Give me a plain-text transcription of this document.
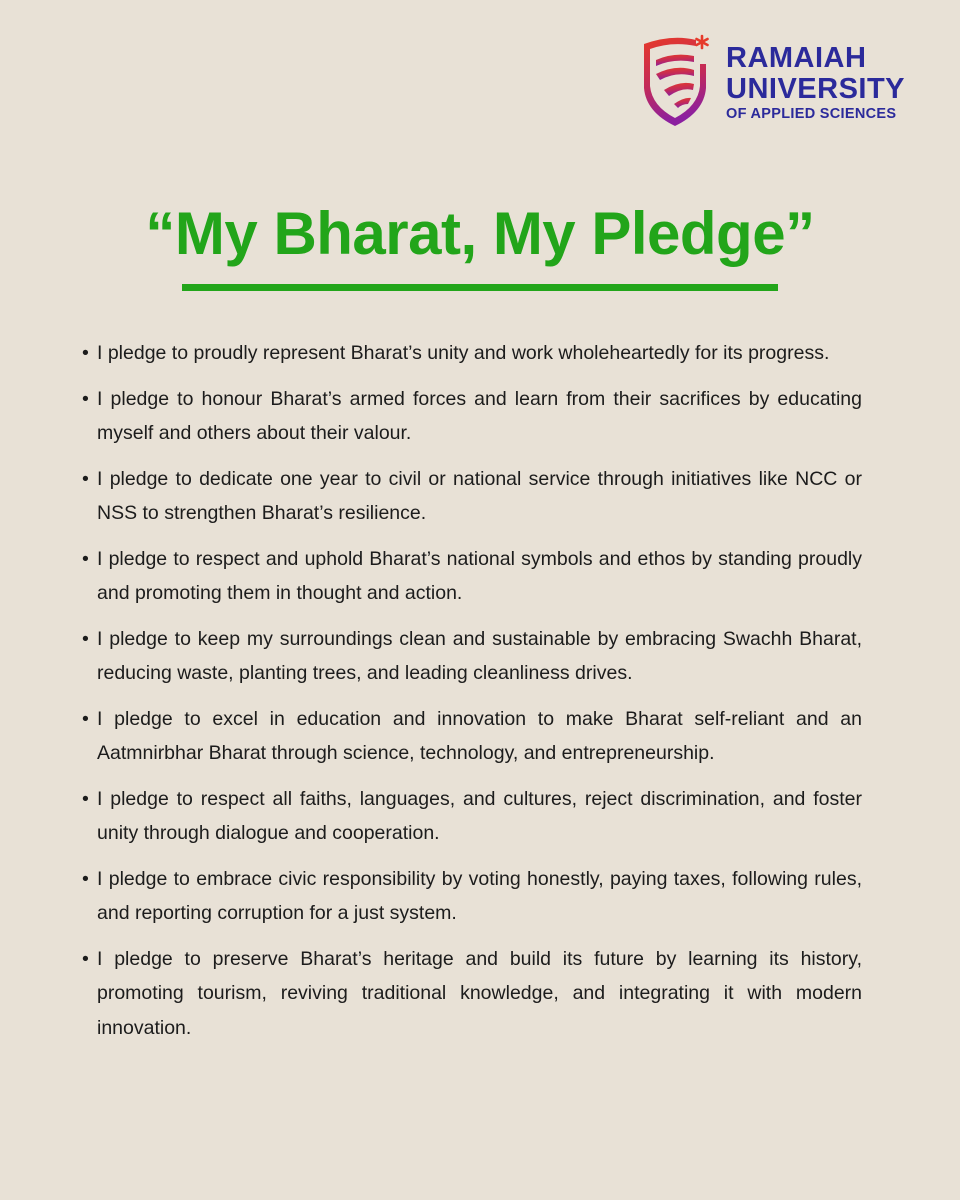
RAMAIAH
UNIVERSITY
OF APPLIED SCIENCES
“My Bharat, My Pledge”
• I pledge to proudly represent Bharat’s unity and work wholeheartedly for its progress.
• I pledge to honour Bharat’s armed forces and learn from their sacrifices by educating myself and others about their valour.
• I pledge to dedicate one year to civil or national service through initiatives like NCC or NSS to strengthen Bharat’s resilience.
• I pledge to respect and uphold Bharat’s national symbols and ethos by standing proudly and promoting them in thought and action.
• I pledge to keep my surroundings clean and sustainable by embracing Swachh Bharat, reducing waste, planting trees, and leading cleanliness drives.
• I pledge to excel in education and innovation to make Bharat self-reliant and an Aatmnirbhar Bharat through science, technology, and entrepreneurship.
• I pledge to respect all faiths, languages, and cultures, reject discrimination, and foster unity through dialogue and cooperation.
• I pledge to embrace civic responsibility by voting honestly, paying taxes, following rules, and reporting corruption for a just system.
• I pledge to preserve Bharat’s heritage and build its future by learning its history, promoting tourism, reviving traditional knowledge, and integrating it with modern innovation.
